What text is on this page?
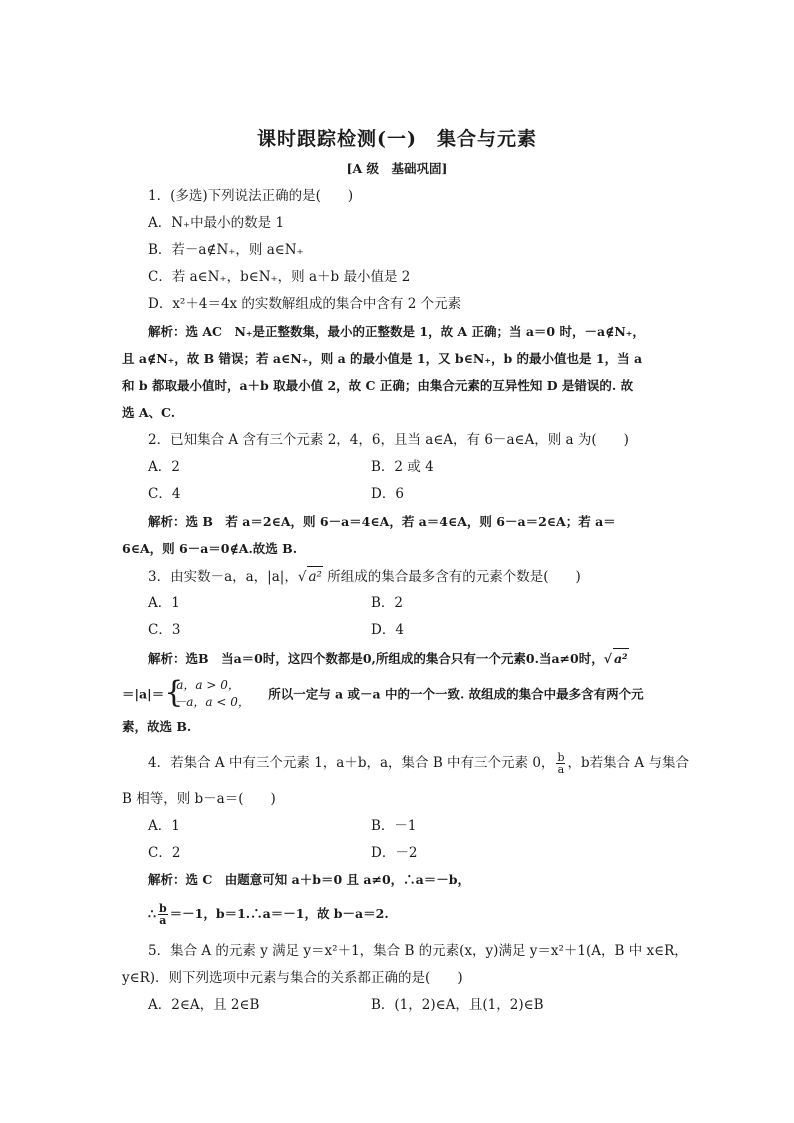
课时跟踪检测(一)　集合与元素
[A 级　基础巩固]
1．(多选)下列说法正确的是(　　)
A．N₊中最小的数是 1
B．若－a∉N₊，则 a∈N₊
C．若 a∈N₊，b∈N₊，则 a＋b 最小值是 2
D．x²＋4＝4x 的实数解组成的集合中含有 2 个元素
解析：选 AC　N₊是正整数集，最小的正整数是 1，故 A 正确；当 a＝0 时，－a∉N₊，
且 a∉N₊，故 B 错误；若 a∈N₊，则 a 的最小值是 1，又 b∈N₊，b 的最小值也是 1，当 a
和 b 都取最小值时，a＋b 取最小值 2，故 C 正确；由集合元素的互异性知 D 是错误的. 故
选 A、C.
2．已知集合 A 含有三个元素 2，4，6，且当 a∈A，有 6－a∈A，则 a 为(　　)
A．2	B．2 或 4
C．4	D．6
解析：选 B　若 a＝2∈A，则 6－a＝4∈A，若 a＝4∈A，则 6－a＝2∈A；若 a＝
6∈A，则 6－a＝0∉A.故选 B.
3．由实数－a，a，|a|，√ a² 所组成的集合最多含有的元素个数是(　　)
A．1	B．2
C．3	D．4
解析：选B　当a＝0时，这四个数都是0,所组成的集合只有一个元素0.当a≠0时，√ a²
＝|a|＝ {
a，a > 0，
－a，a < 0，
所以一定与 a 或－a 中的一个一致. 故组成的集合中最多含有两个元
素，故选 B.
4．若集合 A 中有三个元素 1，a＋b，a，集合 B 中有三个元素 0， $\frac{b}{a}$ ，b若集合 A 与集合
B 相等，则 b－a＝(　　)
A．1	B．－1
C．2	D．－2
解析：选 C　由题意可知 a＋b＝0 且 a≠0，∴a＝－b，
∴ $\frac{b}{a} =-1$，b＝1.∴a＝－1，故 b－a＝2.
5．集合 A 的元素 y 满足 y＝x²＋1，集合 B 的元素(x，y)满足 y＝x²＋1(A，B 中 x∈R，
y∈R)．则下列选项中元素与集合的关系都正确的是(　　)
A．2∈A，且 2∈B	B．(1，2)∈A，且(1，2)∈B
